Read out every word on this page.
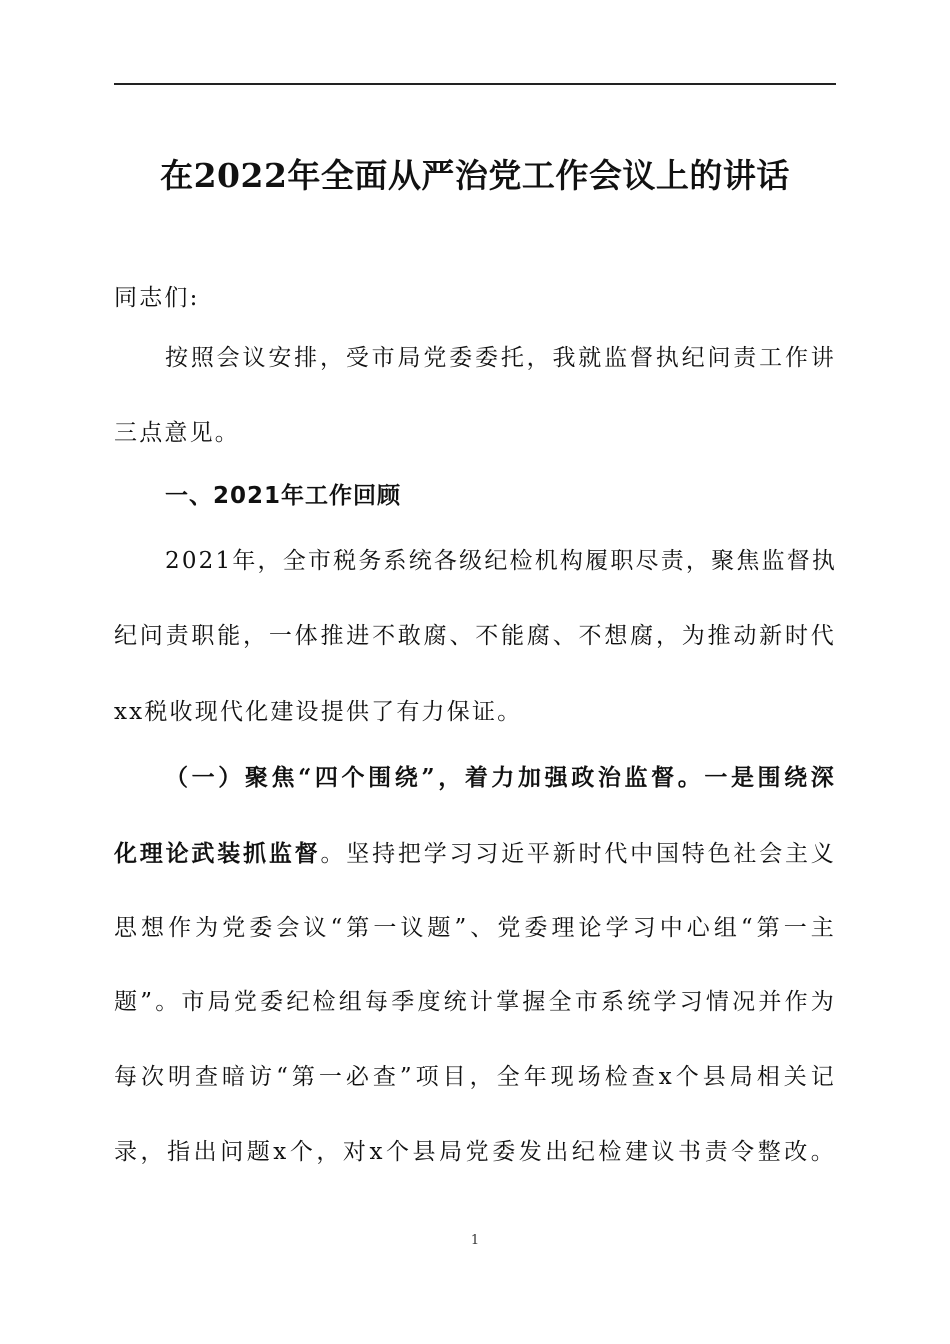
在2022年全面从严治党工作会议上的讲话
同志们:
按照会议安排，受市局党委委托，我就监督执纪问责工作讲
三点意见。
一、2021年工作回顾
2021年，全市税务系统各级纪检机构履职尽责，聚焦监督执
纪问责职能，一体推进不敢腐、不能腐、不想腐，为推动新时代
xx税收现代化建设提供了有力保证。
（一）聚焦“四个围绕”，着力加强政治监督。一是围绕深
化理论武装抓监督。坚持把学习习近平新时代中国特色社会主义
思想作为党委会议“第一议题”、党委理论学习中心组“第一主
题”。市局党委纪检组每季度统计掌握全市系统学习情况并作为
每次明查暗访“第一必查”项目，全年现场检查x个县局相关记
录，指出问题x个，对x个县局党委发出纪检建议书责令整改。
1
